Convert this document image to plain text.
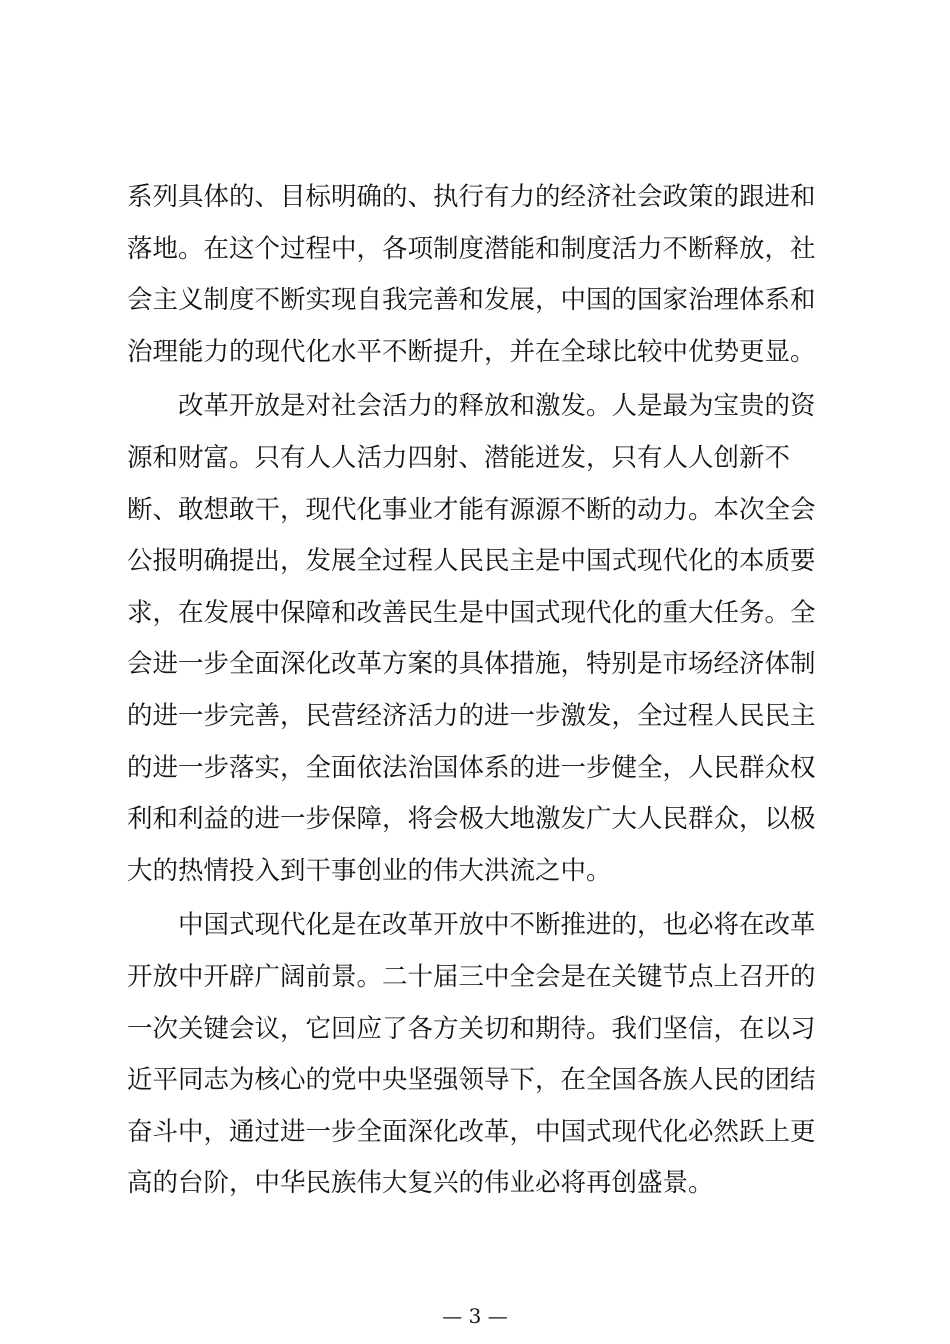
系列具体的、目标明确的、执行有力的经济社会政策的跟进和
落地。在这个过程中，各项制度潜能和制度活力不断释放，社
会主义制度不断实现自我完善和发展，中国的国家治理体系和
治理能力的现代化水平不断提升，并在全球比较中优势更显。
　　改革开放是对社会活力的释放和激发。人是最为宝贵的资
源和财富。只有人人活力四射、潜能迸发，只有人人创新不
断、敢想敢干，现代化事业才能有源源不断的动力。本次全会
公报明确提出，发展全过程人民民主是中国式现代化的本质要
求，在发展中保障和改善民生是中国式现代化的重大任务。全
会进一步全面深化改革方案的具体措施，特别是市场经济体制
的进一步完善，民营经济活力的进一步激发，全过程人民民主
的进一步落实，全面依法治国体系的进一步健全，人民群众权
利和利益的进一步保障，将会极大地激发广大人民群众，以极
大的热情投入到干事创业的伟大洪流之中。
　　中国式现代化是在改革开放中不断推进的，也必将在改革
开放中开辟广阔前景。二十届三中全会是在关键节点上召开的
一次关键会议，它回应了各方关切和期待。我们坚信，在以习
近平同志为核心的党中央坚强领导下，在全国各族人民的团结
奋斗中，通过进一步全面深化改革，中国式现代化必然跃上更
高的台阶，中华民族伟大复兴的伟业必将再创盛景。
— 3 —
